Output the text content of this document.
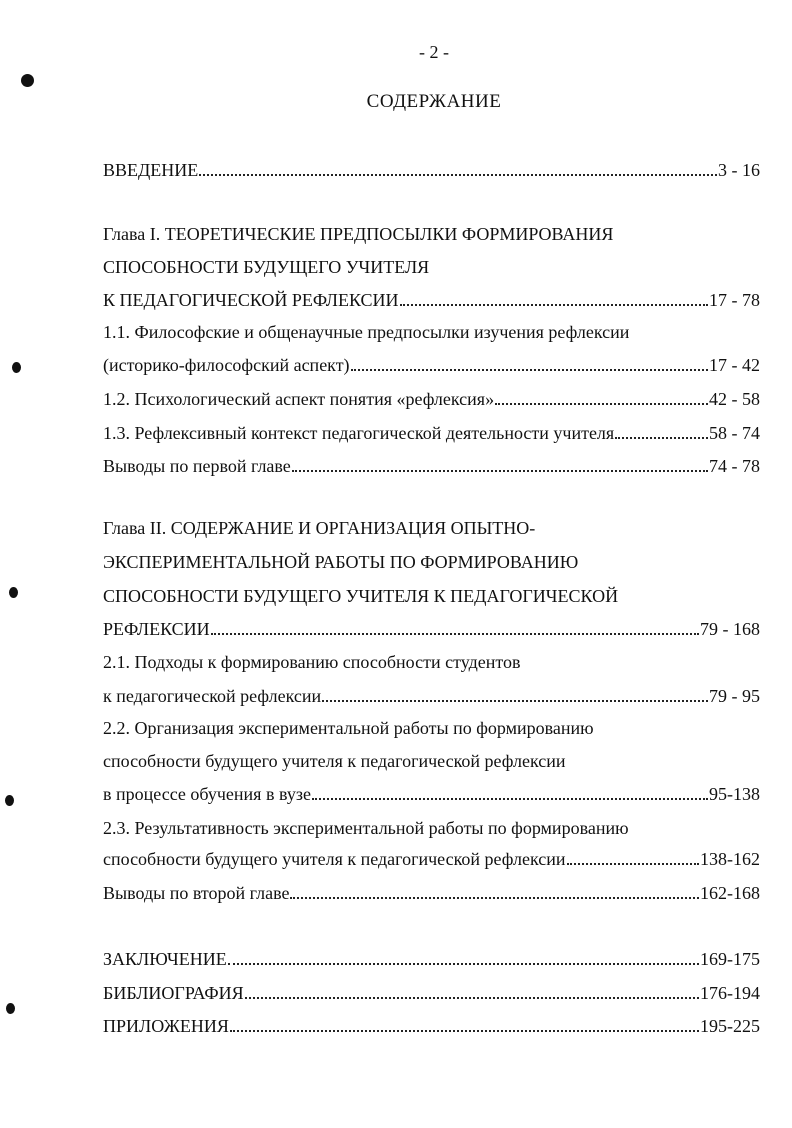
- 2 -
СОДЕРЖАНИЕ
ВВЕДЕНИЕ	3 - 16
Глава I. ТЕОРЕТИЧЕСКИЕ ПРЕДПОСЫЛКИ ФОРМИРОВАНИЯ
СПОСОБНОСТИ БУДУЩЕГО УЧИТЕЛЯ
К ПЕДАГОГИЧЕСКОЙ РЕФЛЕКСИИ	17 - 78
1.1. Философские и общенаучные предпосылки изучения рефлексии
(историко-философский аспект)	17 - 42
1.2. Психологический аспект понятия «рефлексия»	42 - 58
1.3. Рефлексивный контекст педагогической деятельности учителя	58 - 74
Выводы по первой главе	74 - 78
Глава II. СОДЕРЖАНИЕ И ОРГАНИЗАЦИЯ ОПЫТНО-
ЭКСПЕРИМЕНТАЛЬНОЙ РАБОТЫ ПО ФОРМИРОВАНИЮ
СПОСОБНОСТИ БУДУЩЕГО УЧИТЕЛЯ К ПЕДАГОГИЧЕСКОЙ
РЕФЛЕКСИИ	79 - 168
2.1. Подходы к формированию способности студентов
к педагогической рефлексии	79 - 95
2.2. Организация экспериментальной работы по формированию
способности будущего учителя к педагогической рефлексии
в процессе обучения в вузе	95-138
2.3. Результативность экспериментальной работы по формированию
способности будущего учителя к педагогической рефлексии	138-162
Выводы по второй главе	162-168
ЗАКЛЮЧЕНИЕ	169-175
БИБЛИОГРАФИЯ	176-194
ПРИЛОЖЕНИЯ	195-225
